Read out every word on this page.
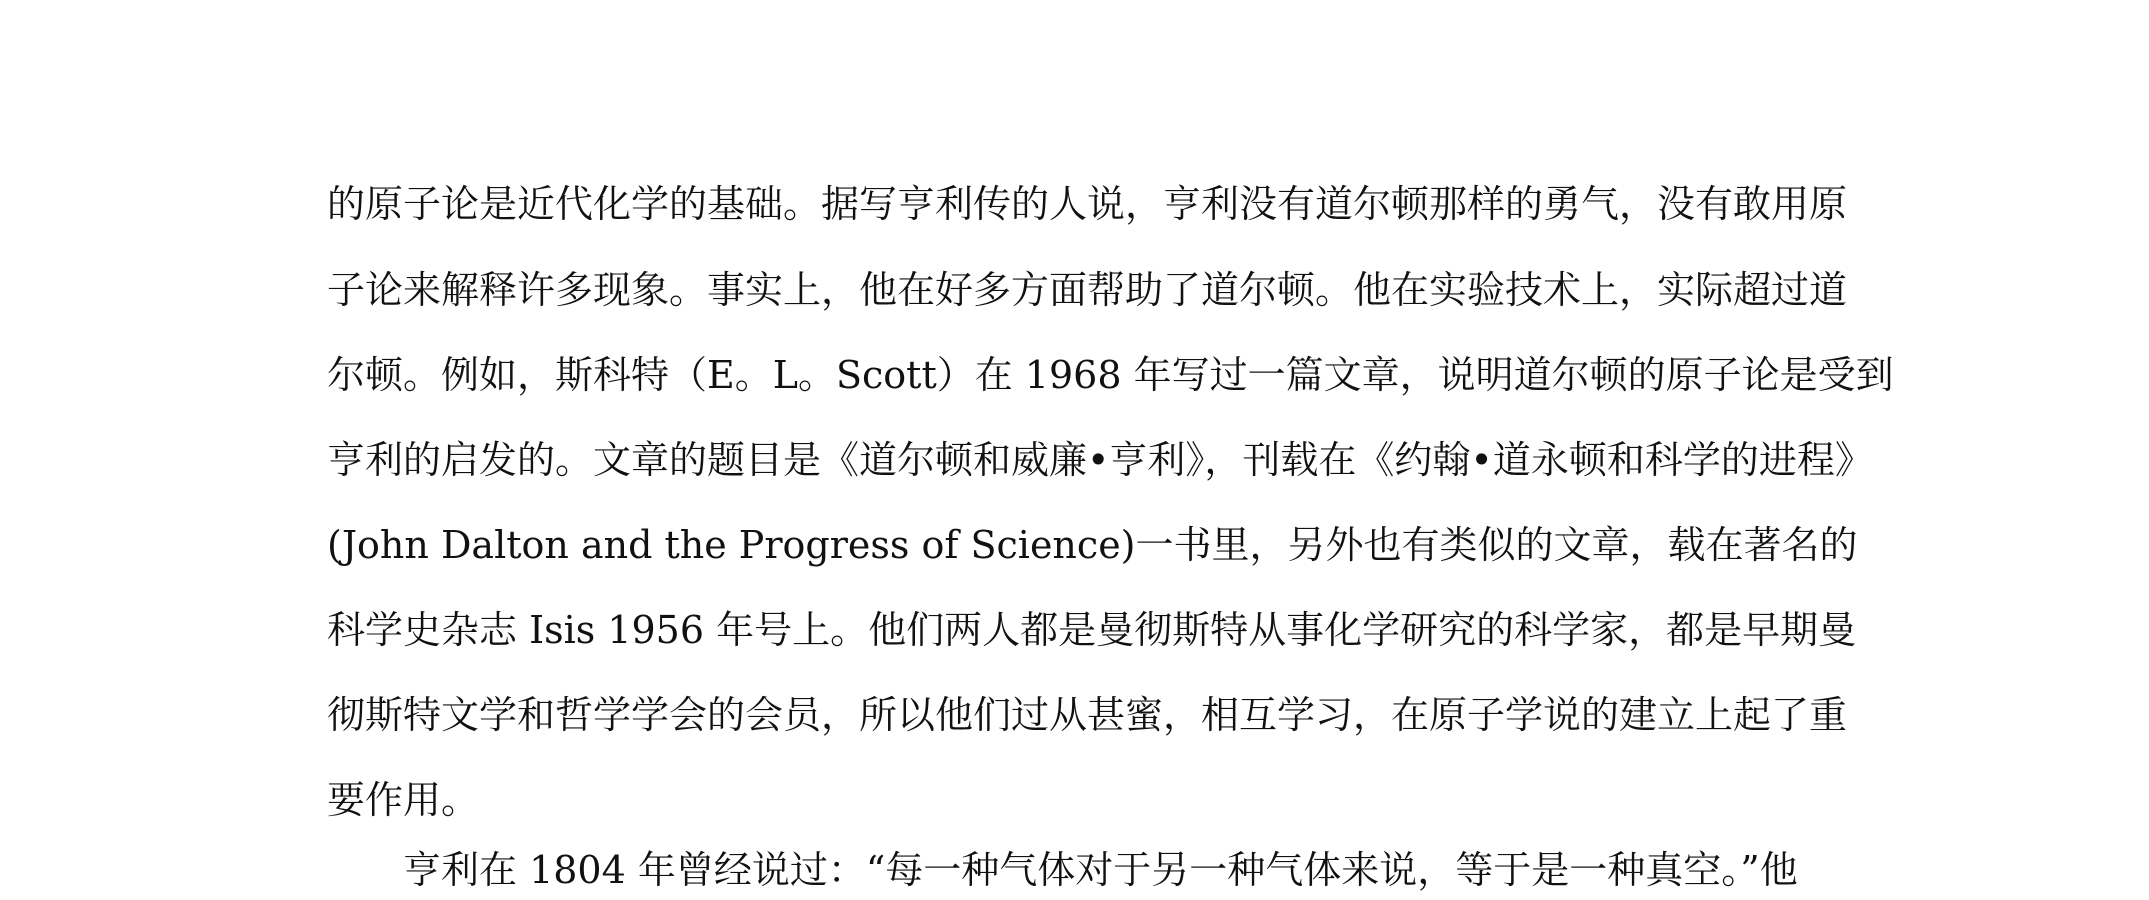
的原子论是近代化学的基础。据写亨利传的人说，亨利没有道尔顿那样的勇气，没有敢用原
子论来解释许多现象。事实上，他在好多方面帮助了道尔顿。他在实验技术上，实际超过道
尔顿。例如，斯科特（E。L。Scott）在 1968 年写过一篇文章，说明道尔顿的原子论是受到
亨利的启发的。文章的题目是《道尔顿和威廉•亨利》，刊载在《约翰•道永顿和科学的进程》
(John Dalton and the Progress of Science)一书里，另外也有类似的文章，载在著名的
科学史杂志 Isis 1956 年号上。他们两人都是曼彻斯特从事化学研究的科学家，都是早期曼
彻斯特文学和哲学学会的会员，所以他们过从甚蜜，相互学习，在原子学说的建立上起了重
要作用。
亨利在 1804 年曾经说过：“每一种气体对于另一种气体来说，等于是一种真空。”他
